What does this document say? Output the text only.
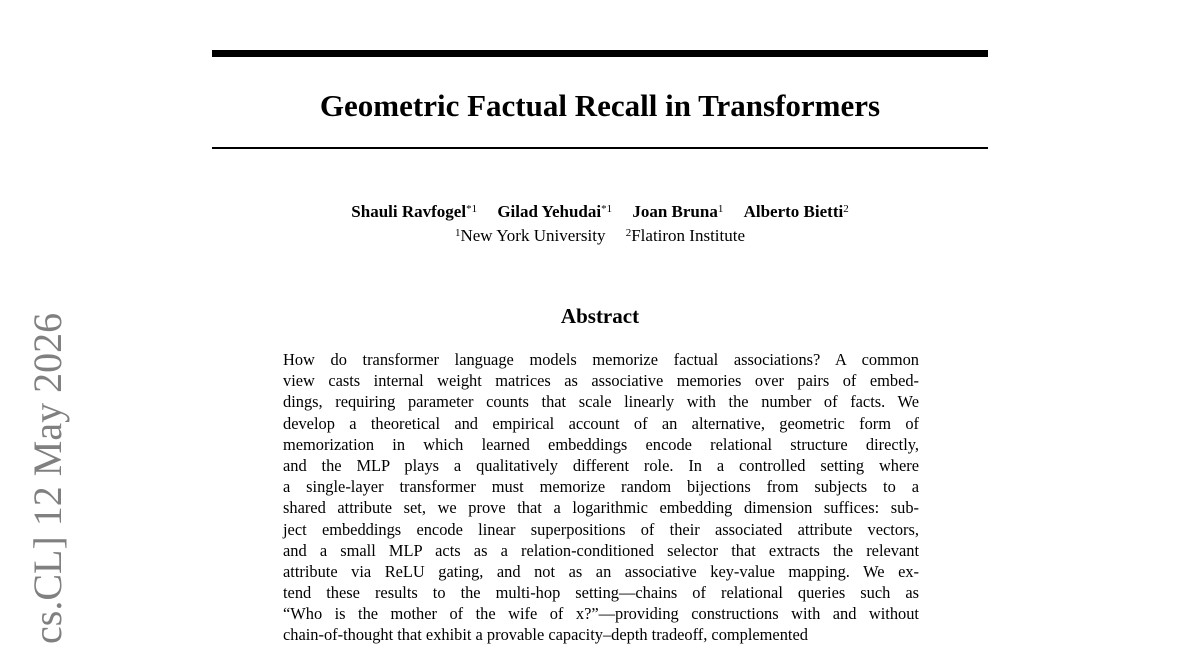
Geometric Factual Recall in Transformers
Shauli Ravfogel$^{*1}$ Gilad Yehudai$^{*1}$ Joan Bruna$^1$ Alberto Bietti$^2$
$^1$New York University $^2$Flatiron Institute
Abstract
How do transformer language models memorize factual associations? A common
view casts internal weight matrices as associative memories over pairs of embed-
dings, requiring parameter counts that scale linearly with the number of facts. We
develop a theoretical and empirical account of an alternative, geometric form of
memorization in which learned embeddings encode relational structure directly,
and the MLP plays a qualitatively different role. In a controlled setting where
a single-layer transformer must memorize random bijections from subjects to a
shared attribute set, we prove that a logarithmic embedding dimension suffices: sub-
ject embeddings encode linear superpositions of their associated attribute vectors,
and a small MLP acts as a relation-conditioned selector that extracts the relevant
attribute via ReLU gating, and not as an associative key-value mapping. We ex-
tend these results to the multi-hop setting—chains of relational queries such as
“Who is the mother of the wife of x?”—providing constructions with and without
chain-of-thought that exhibit a provable capacity–depth tradeoff, complemented
cs.CL] 12 May 2026
